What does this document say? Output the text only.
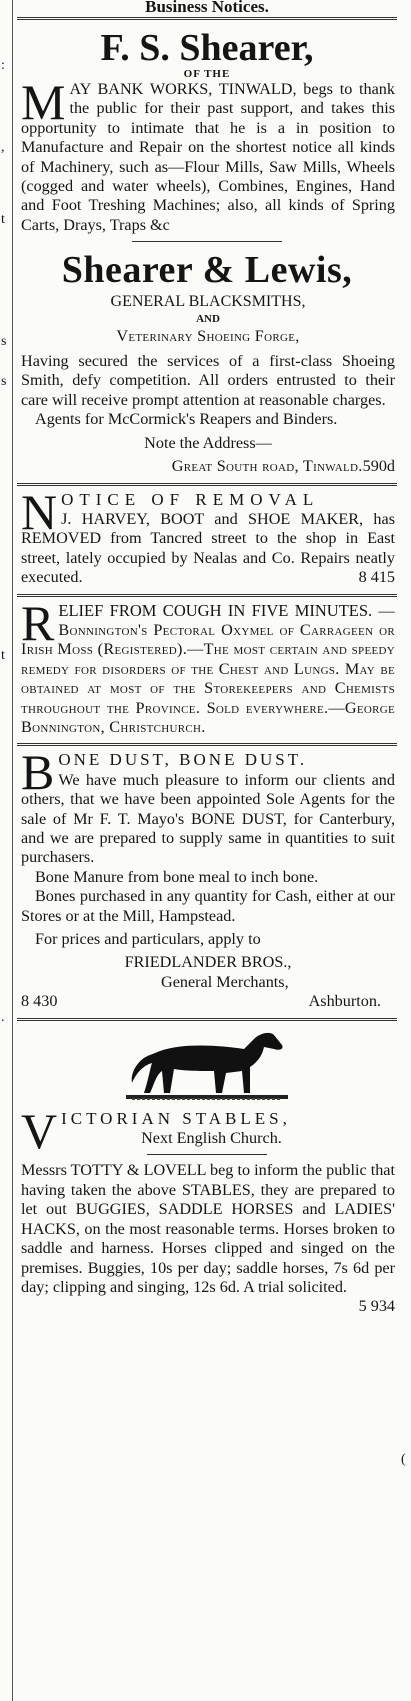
:
,
t
s
s
t
.
(
Business Notices.
F. S. Shearer,
OF THE
MAY BANK WORKS, TINWALD, begs to thank the public for their past support, and takes this opportunity to intimate that he is a in position to Manufacture and Repair on the shortest notice all kinds of Machinery, such as—Flour Mills, Saw Mills, Wheels (cogged and water wheels), Combines, Engines, Hand and Foot Treshing Machines; also, all kinds of Spring Carts, Drays, Traps &c
Shearer & Lewis,
GENERAL BLACKSMITHS,
AND
Veterinary Shoeing Forge,
Having secured the services of a first-class Shoeing Smith, defy competition. All orders entrusted to their care will receive prompt attention at reasonable charges.
Agents for McCormick's Reapers and Binders.
Note the Address—
Great South road, Tinwald.590d
NOTICE OF REMOVAL
J. HARVEY, BOOT and SHOE MAKER, has REMOVED from Tancred street to the shop in East street, lately occupied by Nealas and Co. Repairs neatly executed.	8 415
RELIEF FROM COUGH IN FIVE MINUTES. — Bonnington's Pectoral Oxymel of Carrageen or Irish Moss (Registered).—The most certain and speedy remedy for disorders of the Chest and Lungs. May be obtained at most of the Storekeepers and Chemists throughout the Province. Sold everywhere.—George Bonnington, Christchurch.
BONE DUST, BONE DUST.
We have much pleasure to inform our clients and others, that we have been appointed Sole Agents for the sale of Mr F. T. Mayo's BONE DUST, for Canterbury, and we are prepared to supply same in quantities to suit purchasers.
Bone Manure from bone meal to inch bone.
Bones purchased in any quantity for Cash, either at our Stores or at the Mill, Hampstead.
For prices and particulars, apply to
FRIEDLANDER BROS.,
General Merchants,
8 430	Ashburton.
VICTORIAN STABLES,
Next English Church.
Messrs TOTTY & LOVELL beg to inform the public that having taken the above STABLES, they are prepared to let out BUGGIES, SADDLE HORSES and LADIES' HACKS, on the most reasonable terms. Horses broken to saddle and harness. Horses clipped and singed on the premises. Buggies, 10s per day; saddle horses, 7s 6d per day; clipping and singing, 12s 6d. A trial solicited.
5 934
